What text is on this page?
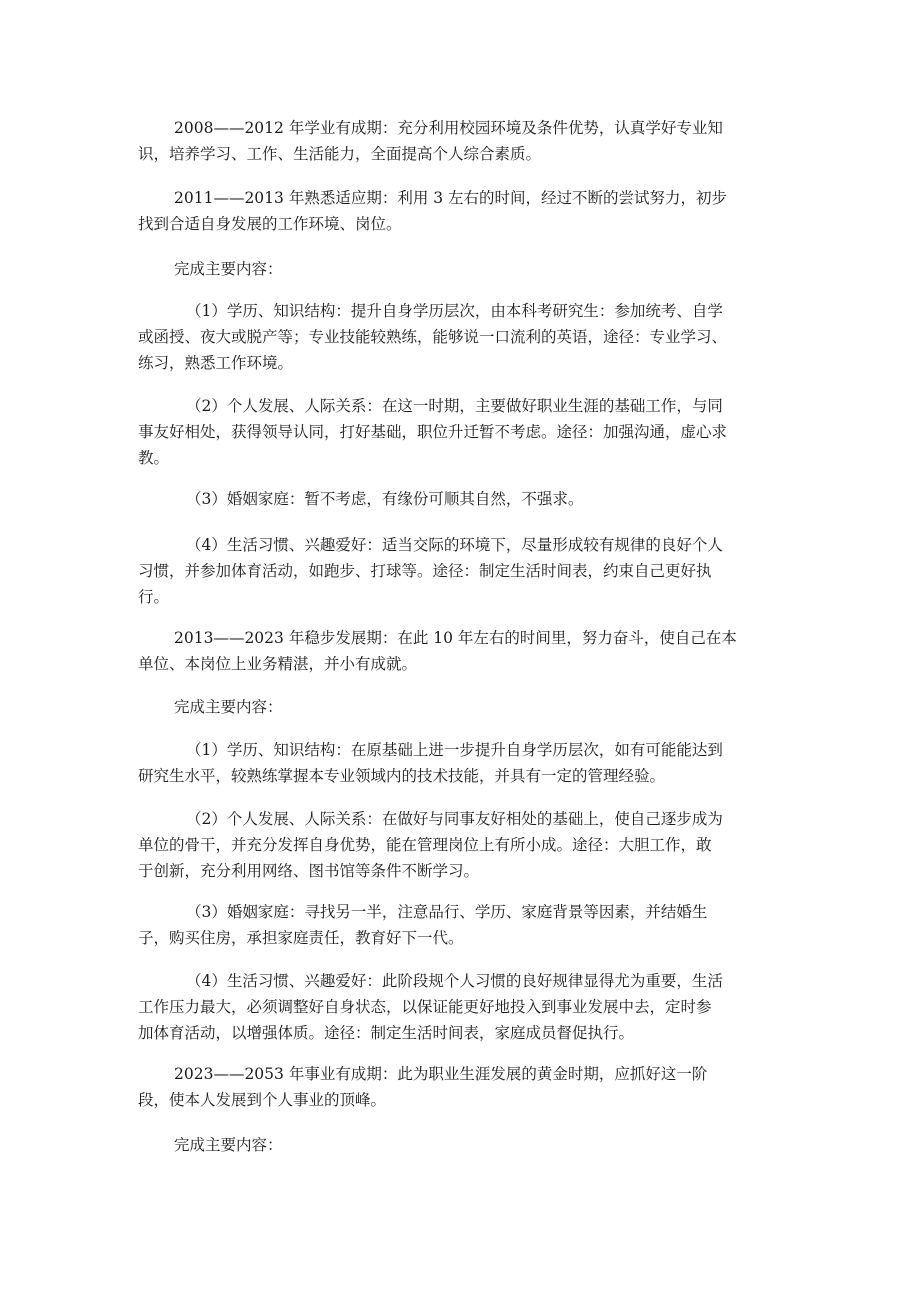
2008——2012 年学业有成期：充分利用校园环境及条件优势，认真学好专业知
识，培养学习、工作、生活能力，全面提高个人综合素质。
2011——2013 年熟悉适应期：利用 3 左右的时间，经过不断的尝试努力，初步
找到合适自身发展的工作环境、岗位。
完成主要内容：
（1）学历、知识结构：提升自身学历层次，由本科考研究生：参加统考、自学
或函授、夜大或脱产等；专业技能较熟练，能够说一口流利的英语，途径：专业学习、
练习，熟悉工作环境。
（2）个人发展、人际关系：在这一时期，主要做好职业生涯的基础工作，与同
事友好相处，获得领导认同，打好基础，职位升迁暂不考虑。途径：加强沟通，虚心求
教。
（3）婚姻家庭：暂不考虑，有缘份可顺其自然，不强求。
（4）生活习惯、兴趣爱好：适当交际的环境下，尽量形成较有规律的良好个人
习惯，并参加体育活动，如跑步、打球等。途径：制定生活时间表，约束自己更好执
行。
2013——2023 年稳步发展期：在此 10 年左右的时间里，努力奋斗，使自己在本
单位、本岗位上业务精湛，并小有成就。
完成主要内容：
（1）学历、知识结构：在原基础上进一步提升自身学历层次，如有可能能达到
研究生水平，较熟练掌握本专业领域内的技术技能，并具有一定的管理经验。
（2）个人发展、人际关系：在做好与同事友好相处的基础上，使自己逐步成为
单位的骨干，并充分发挥自身优势，能在管理岗位上有所小成。途径：大胆工作，敢
于创新，充分利用网络、图书馆等条件不断学习。
（3）婚姻家庭：寻找另一半，注意品行、学历、家庭背景等因素，并结婚生
子，购买住房，承担家庭责任，教育好下一代。
（4）生活习惯、兴趣爱好：此阶段规个人习惯的良好规律显得尤为重要，生活
工作压力最大，必须调整好自身状态，以保证能更好地投入到事业发展中去，定时参
加体育活动，以增强体质。途径：制定生活时间表，家庭成员督促执行。
2023——2053 年事业有成期：此为职业生涯发展的黄金时期，应抓好这一阶
段，使本人发展到个人事业的顶峰。
完成主要内容：
